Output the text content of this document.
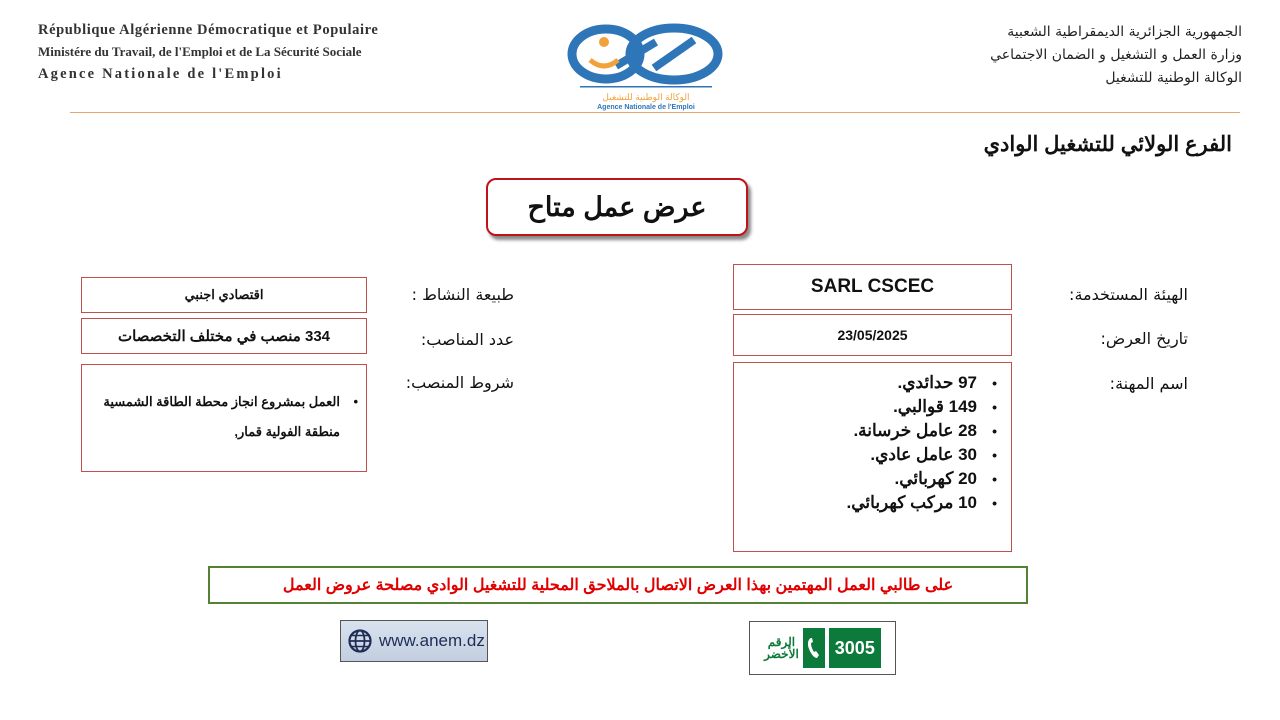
République Algérienne Démocratique et Populaire
Ministére du Travail, de l'Emploi et de La Sécurité Sociale
Agence Nationale de l'Emploi
الوكالة الوطنية للتشغيل
Agence Nationale de l'Emploi
الجمهورية الجزائرية الديمقراطية الشعبية
وزارة العمل و التشغيل و الضمان الاجتماعي
الوكالة الوطنية للتشغيل
الفرع الولائي للتشغيل الوادي
عرض عمل متاح
الهيئة المستخدمة:
تاريخ العرض:
اسم المهنة:
SARL CSCEC
23/05/2025
• 97 حدائدي.
• 149 قوالبي.
• 28 عامل خرسانة.
• 30 عامل عادي.
• 20 كهربائي.
• 10 مركب كهربائي.
طبيعة النشاط :
عدد المناصب:
شروط المنصب:
اقتصادي اجنبي
334 منصب في مختلف التخصصات
•
العمل بمشروع انجاز محطة الطاقة الشمسية منطقة الفولية قمار,
على طالبي العمل المهتمين بهذا العرض الاتصال بالملاحق المحلية للتشغيل الوادي مصلحة عروض العمل
www.anem.dz	الرقم
الأخضر	3005
